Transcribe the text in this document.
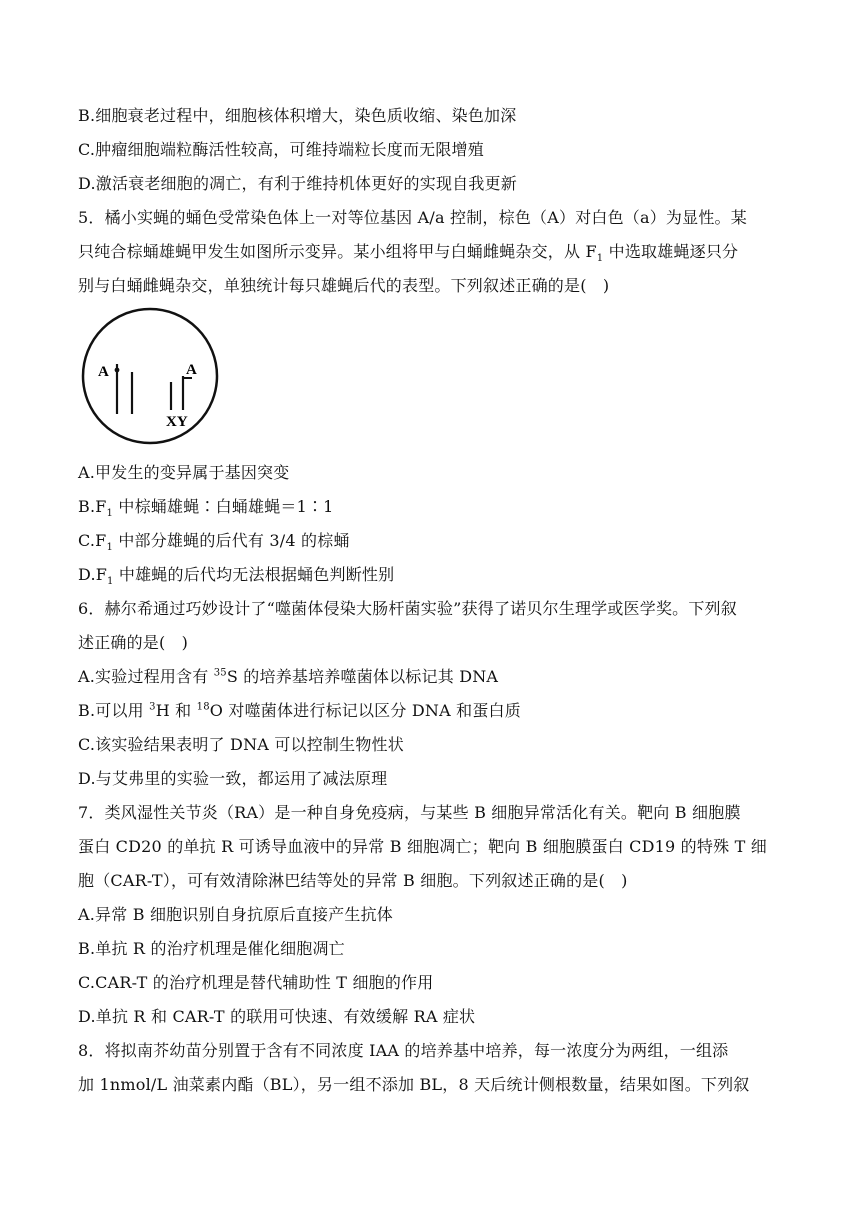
B.细胞衰老过程中，细胞核体积增大，染色质收缩、染色加深
C.肿瘤细胞端粒酶活性较高，可维持端粒长度而无限增殖
D.激活衰老细胞的凋亡，有利于维持机体更好的实现自我更新
5．橘小实蝇的蛹色受常染色体上一对等位基因 A/a 控制，棕色（A）对白色（a）为显性。某
只纯合棕蛹雄蝇甲发生如图所示变异。某小组将甲与白蛹雌蝇杂交，从 $F_1$ 中选取雄蝇逐只分
别与白蛹雌蝇杂交，单独统计每只雄蝇后代的表型。下列叙述正确的是(　)
A	A
XY
A.甲发生的变异属于基因突变
$B.F_1$ 中棕蛹雄蝇∶白蛹雄蝇＝1∶1
$C.F_1$ 中部分雄蝇的后代有 3/4 的棕蛹
$D.F_1$ 中雄蝇的后代均无法根据蛹色判断性别
6．赫尔希通过巧妙设计了“噬菌体侵染大肠杆菌实验”获得了诺贝尔生理学或医学奖。下列叙
述正确的是(　)
A.实验过程用含有 $^{35}$S 的培养基培养噬菌体以标记其 DNA
B.可以用 $^3$H 和 $^{18}$O 对噬菌体进行标记以区分 DNA 和蛋白质
C.该实验结果表明了 DNA 可以控制生物性状
D.与艾弗里的实验一致，都运用了减法原理
7．类风湿性关节炎（RA）是一种自身免疫病，与某些 B 细胞异常活化有关。靶向 B 细胞膜
蛋白 CD20 的单抗 R 可诱导血液中的异常 B 细胞凋亡；靶向 B 细胞膜蛋白 CD19 的特殊 T 细
胞（CAR-T），可有效清除淋巴结等处的异常 B 细胞。下列叙述正确的是(　)
A.异常 B 细胞识别自身抗原后直接产生抗体
B.单抗 R 的治疗机理是催化细胞凋亡
C.CAR-T 的治疗机理是替代辅助性 T 细胞的作用
D.单抗 R 和 CAR-T 的联用可快速、有效缓解 RA 症状
8．将拟南芥幼苗分别置于含有不同浓度 IAA 的培养基中培养，每一浓度分为两组，一组添
加 1nmol/L 油菜素内酯（BL），另一组不添加 BL，8 天后统计侧根数量，结果如图。下列叙
